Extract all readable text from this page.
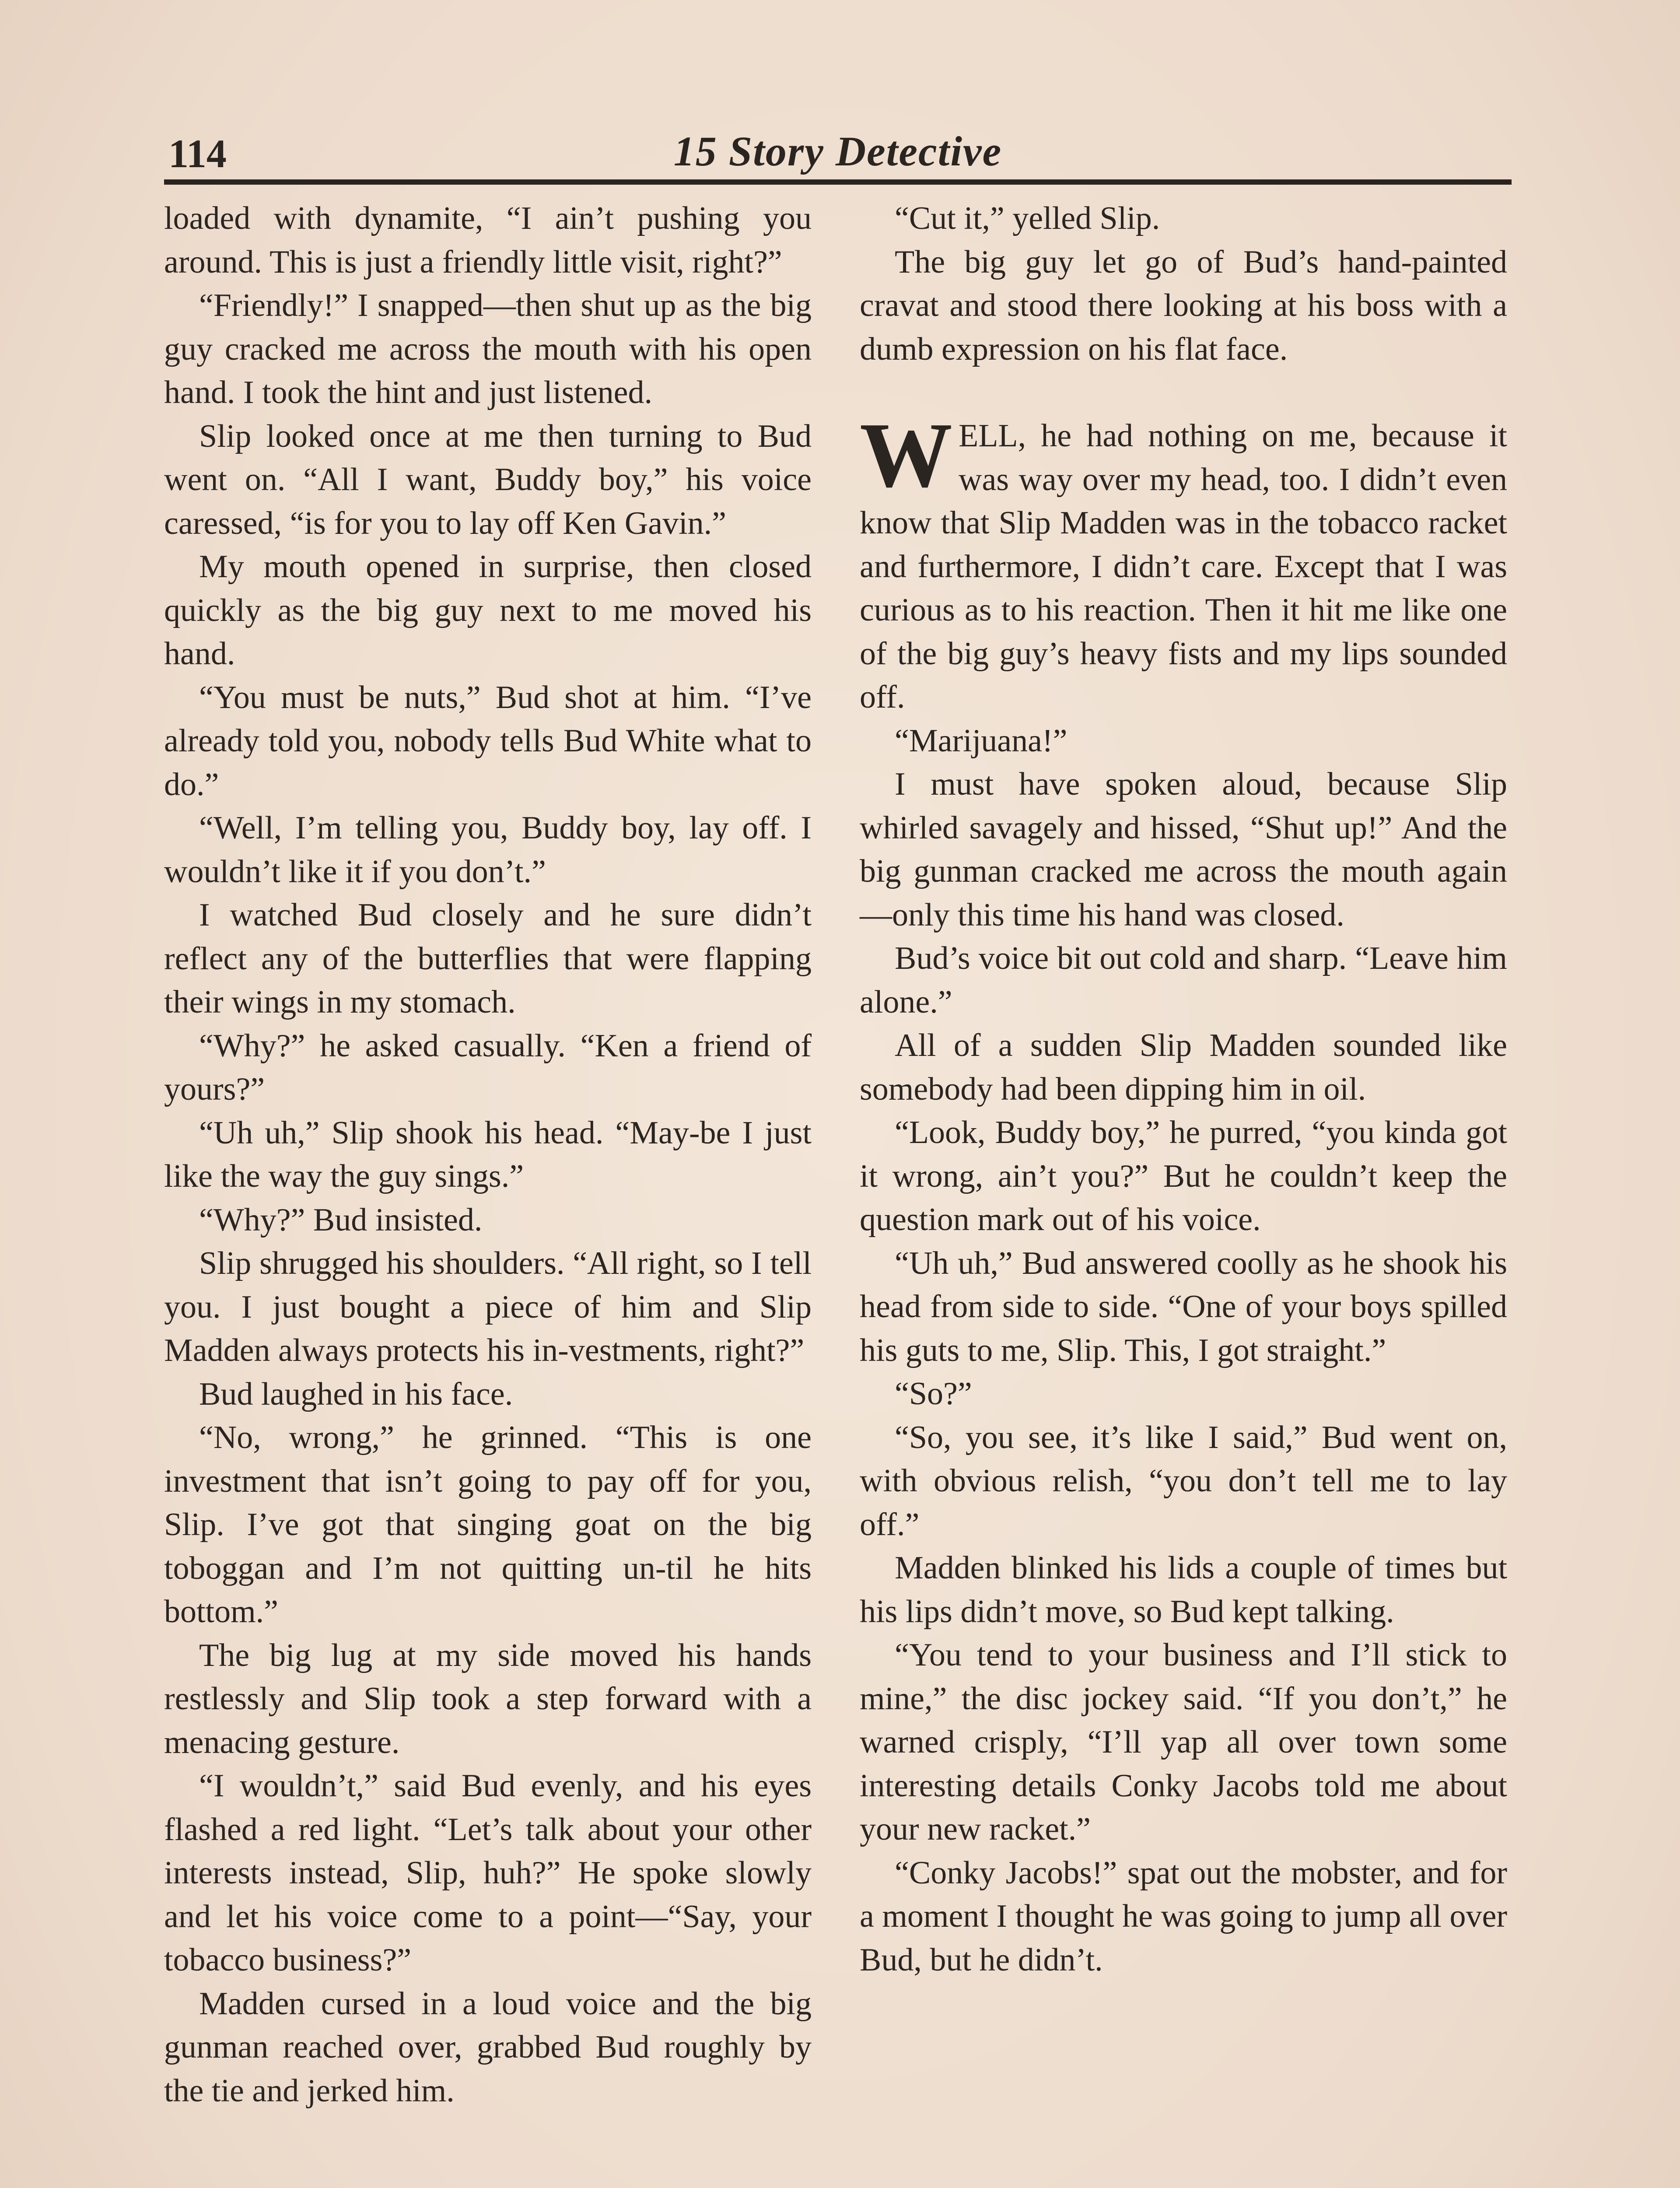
114	15 Story Detective

loaded with dynamite, “I ain’t pushing you around. This is just a friendly little visit, right?”

“Friendly!” I snapped—then shut up as the big guy cracked me across the mouth with his open hand. I took the hint and just listened.

Slip looked once at me then turning to Bud went on. “All I want, Buddy boy,” his voice caressed, “is for you to lay off Ken Gavin.”

My mouth opened in surprise, then closed quickly as the big guy next to me moved his hand.

“You must be nuts,” Bud shot at him. “I’ve already told you, nobody tells Bud White what to do.”

“Well, I’m telling you, Buddy boy, lay off. I wouldn’t like it if you don’t.”

I watched Bud closely and he sure didn’t reflect any of the butterflies that were flapping their wings in my stomach.

“Why?” he asked casually. “Ken a friend of yours?”

“Uh uh,” Slip shook his head. “May-be I just like the way the guy sings.”

“Why?” Bud insisted.

Slip shrugged his shoulders. “All right, so I tell you. I just bought a piece of him and Slip Madden always protects his in-vestments, right?”

Bud laughed in his face.

“No, wrong,” he grinned. “This is one investment that isn’t going to pay off for you, Slip. I’ve got that singing goat on the big toboggan and I’m not quitting un-til he hits bottom.”

The big lug at my side moved his hands restlessly and Slip took a step forward with a menacing gesture.

“I wouldn’t,” said Bud evenly, and his eyes flashed a red light. “Let’s talk about your other interests instead, Slip, huh?” He spoke slowly and let his voice come to a point—“Say, your tobacco business?”

Madden cursed in a loud voice and the big gunman reached over, grabbed Bud roughly by the tie and jerked him.

“Cut it,” yelled Slip.

The big guy let go of Bud’s hand-painted cravat and stood there looking at his boss with a dumb expression on his flat face.

WELL, he had nothing on me, because it was way over my head, too. I didn’t even know that Slip Madden was in the tobacco racket and furthermore, I didn’t care. Except that I was curious as to his reaction. Then it hit me like one of the big guy’s heavy fists and my lips sounded off.

“Marijuana!”

I must have spoken aloud, because Slip whirled savagely and hissed, “Shut up!” And the big gunman cracked me across the mouth again—only this time his hand was closed.

Bud’s voice bit out cold and sharp. “Leave him alone.”

All of a sudden Slip Madden sounded like somebody had been dipping him in oil.

“Look, Buddy boy,” he purred, “you kinda got it wrong, ain’t you?” But he couldn’t keep the question mark out of his voice.

“Uh uh,” Bud answered coolly as he shook his head from side to side. “One of your boys spilled his guts to me, Slip. This, I got straight.”

“So?”

“So, you see, it’s like I said,” Bud went on, with obvious relish, “you don’t tell me to lay off.”

Madden blinked his lids a couple of times but his lips didn’t move, so Bud kept talking.

“You tend to your business and I’ll stick to mine,” the disc jockey said. “If you don’t,” he warned crisply, “I’ll yap all over town some interesting details Conky Jacobs told me about your new racket.”

“Conky Jacobs!” spat out the mobster, and for a moment I thought he was going to jump all over Bud, but he didn’t.
